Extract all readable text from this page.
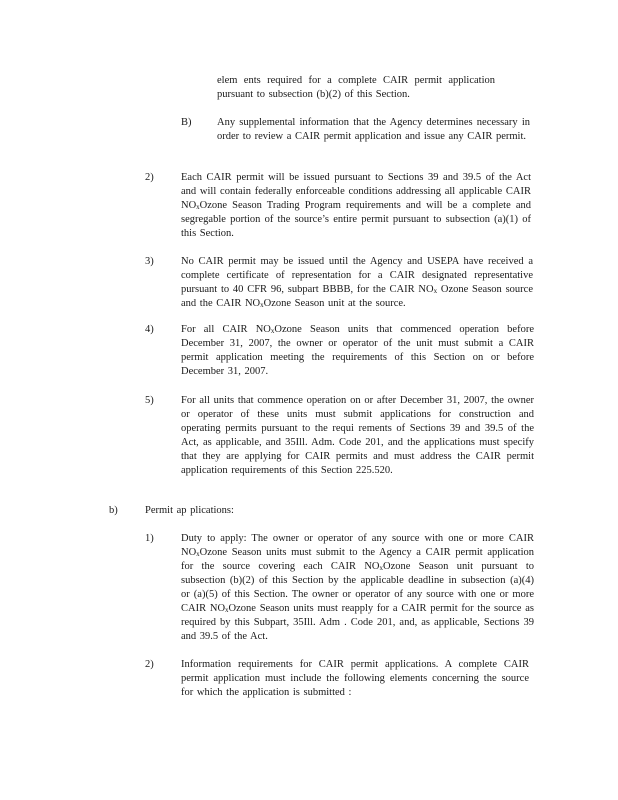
elem ents required for a complete CAIR permit application pursuant to subsection (b)(2) of this Section.
B) Any supplemental information that the Agency determines necessary in order to review a CAIR permit application and issue any CAIR permit.
2)	Each CAIR permit will be issued pursuant to Sections 39 and 39.5 of the Act and will contain federally enforceable conditions addressing all applicable CAIR $NO_xOzone$ Season Trading Program requirements and will be a complete and segregable portion of the source’s entire permit pursuant to subsection (a)(1) of this Section.
3)	No CAIR permit may be issued until the Agency and USEPA have received a complete certificate of representation for a CAIR designated representative pursuant to 40 CFR 96, subpart BBBB, for the CAIR $NO_x$ Ozone Season source and the CAIR $NO_xOzone$ Season unit at the source.
4)	For all CAIR $NO_xOzone$ Season units that commenced operation before December 31, 2007, the owner or operator of the unit must submit a CAIR permit application meeting the requirements of this Section on or before December 31, 2007.
5)	For all units that commence operation on or after December 31, 2007, the owner or operator of these units must submit applications for construction and operating permits pursuant to the requi rements of Sections 39 and 39.5 of the Act, as applicable, and 35Ill. Adm. Code 201, and the applications must specify that they are applying for CAIR permits and must address the CAIR permit application requirements of this Section 225.520.
b)	Permit ap plications:
1)	Duty to apply: The owner or operator of any source with one or more CAIR $NO_xOzone$ Season units must submit to the Agency a CAIR permit application for the source covering each CAIR $NO_xOzone$ Season unit pursuant to subsection (b)(2) of this Section by the applicable deadline in subsection (a)(4) or (a)(5) of this Section. The owner or operator of any source with one or more CAIR $NO_xOzone$ Season units must reapply for a CAIR permit for the source as required by this Subpart, 35Ill. Adm . Code 201, and, as applicable, Sections 39 and 39.5 of the Act.
2)	Information requirements for CAIR permit applications. A complete CAIR permit application must include the following elements concerning the source for which the application is submitted :
